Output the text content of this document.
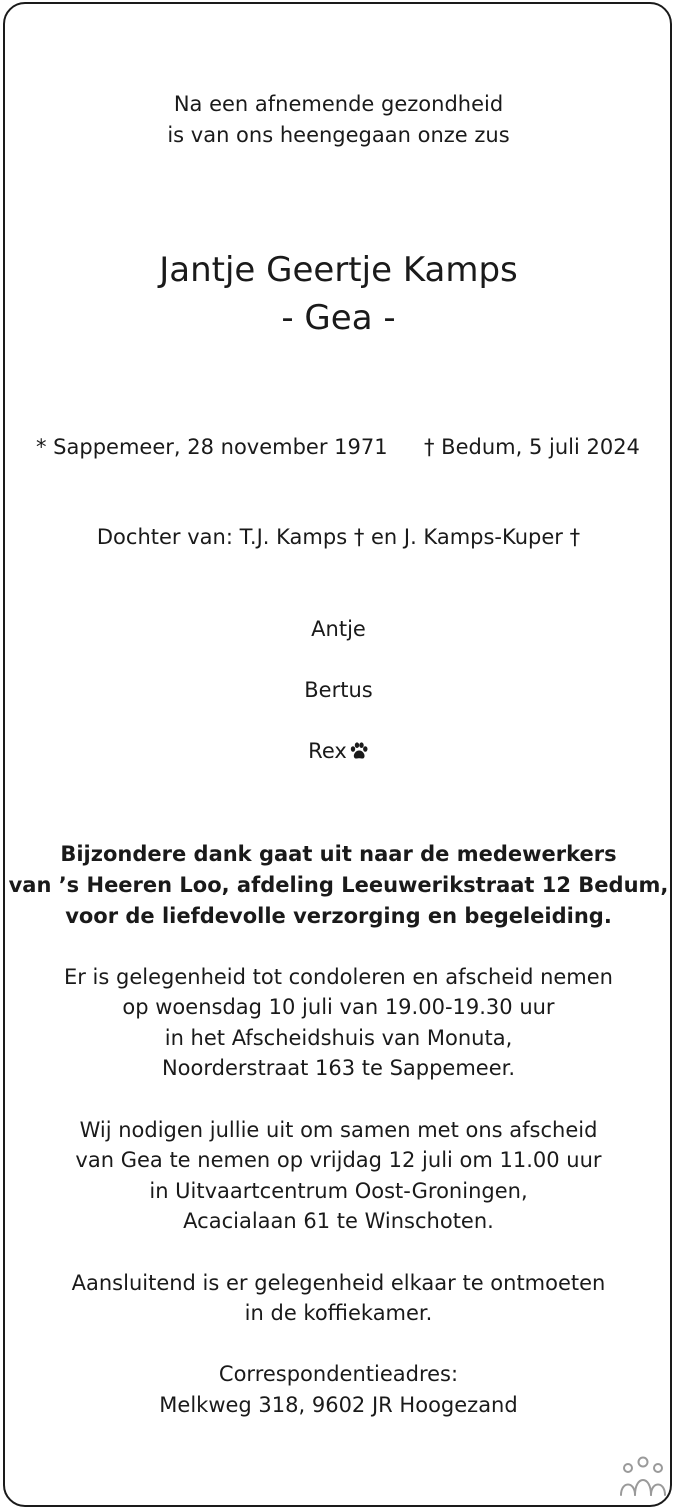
Na een afnemende gezondheid
is van ons heengegaan onze zus
Jantje Geertje Kamps
- Gea -
* Sappemeer, 28 november 1971 † Bedum, 5 juli 2024
Dochter van: T.J. Kamps † en J. Kamps-Kuper †
Antje
Bertus
Rex
Bijzondere dank gaat uit naar de medewerkers
van ’s Heeren Loo, afdeling Leeuwerikstraat 12 Bedum,
voor de liefdevolle verzorging en begeleiding.
Er is gelegenheid tot condoleren en afscheid nemen
op woensdag 10 juli van 19.00-19.30 uur
in het Afscheidshuis van Monuta,
Noorderstraat 163 te Sappemeer.
Wij nodigen jullie uit om samen met ons afscheid
van Gea te nemen op vrijdag 12 juli om 11.00 uur
in Uitvaartcentrum Oost-Groningen,
Acacialaan 61 te Winschoten.
Aansluitend is er gelegenheid elkaar te ontmoeten
in de koffiekamer.
Correspondentieadres:
Melkweg 318, 9602 JR Hoogezand
